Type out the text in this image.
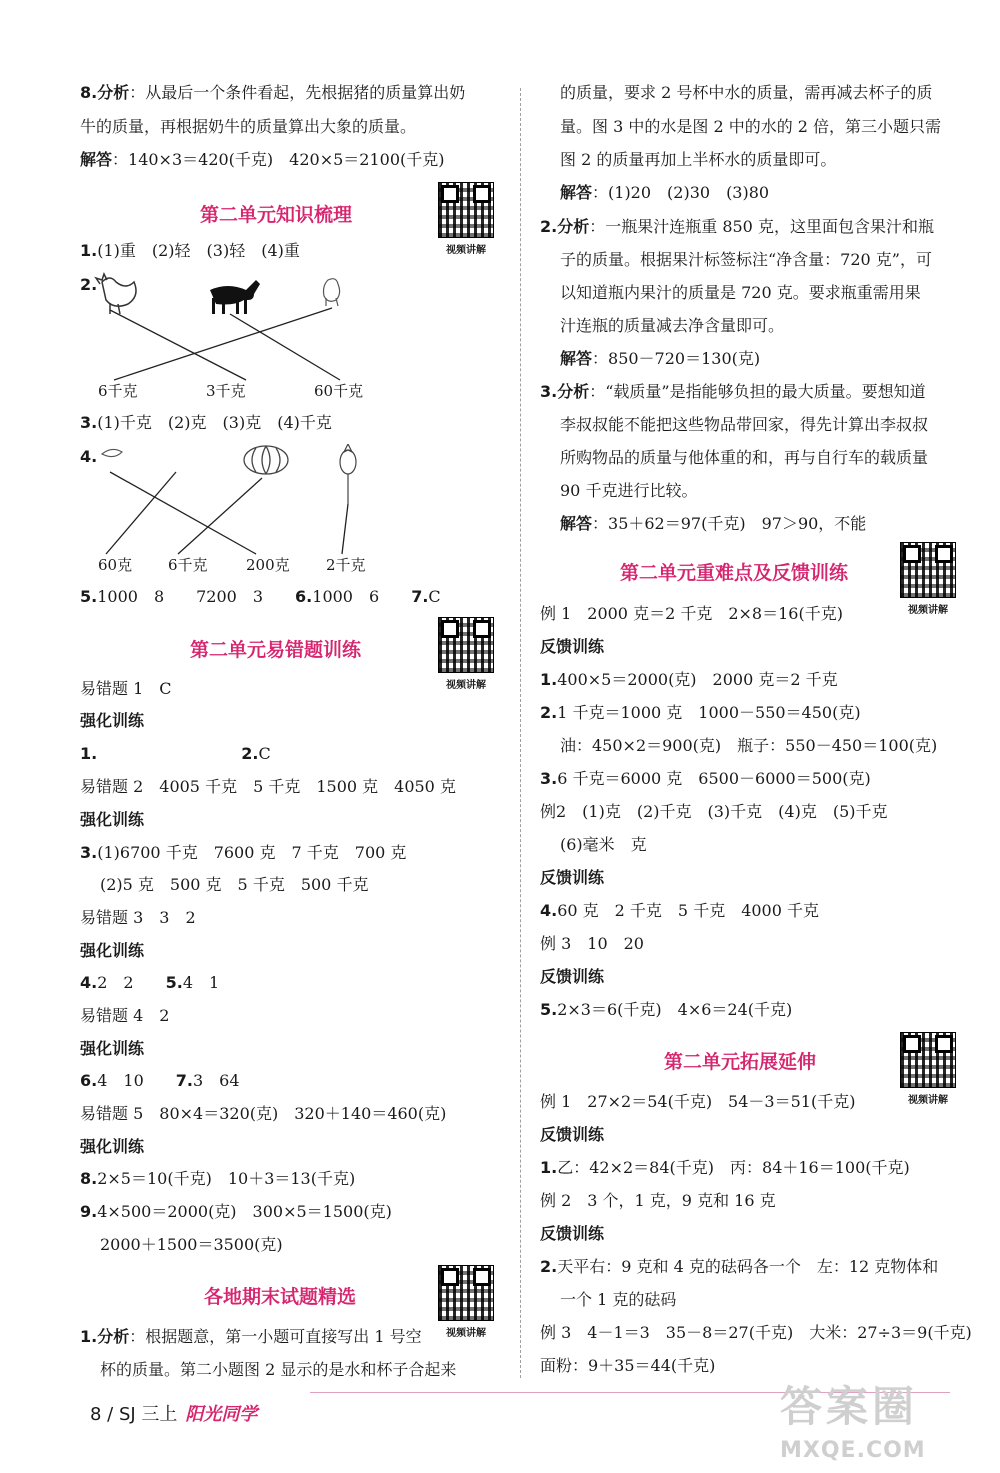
8.分析：从最后一个条件看起，先根据猪的质量算出奶
牛的质量，再根据奶牛的质量算出大象的质量。
解答：140×3＝420(千克)　420×5＝2100(千克)
第二单元知识梳理
视频讲解
1.(1)重　(2)轻　(3)轻　(4)重
2.
6千克	3千克	60千克
3.(1)千克　(2)克　(3)克　(4)千克
4.
60克 6千克	200克 2千克
5.1000　8　　7200　3　　 6.1000　6　　 7.C
第二单元易错题训练
视频讲解
易错题 1　C
强化训练
1.　　　　　　　　　	2.C
易错题 2　4005 千克　5 千克　1500 克　4050 克
强化训练
3.(1)6700 千克　7600 克　7 千克　700 克
(2)5 克　500 克　5 千克　500 千克
易错题 3　3　2
强化训练
4.2　2　　 5.4　1
易错题 4　2
强化训练
6.4　10　　 7.3　64
易错题 5　80×4＝320(克)　320＋140＝460(克)
强化训练
8.2×5＝10(千克)　10＋3＝13(千克)
9.4×500＝2000(克)　300×5＝1500(克)
2000＋1500＝3500(克)
各地期末试题精选
视频讲解
1.分析：根据题意，第一小题可直接写出 1 号空
杯的质量。第二小题图 2 显示的是水和杯子合起来
的质量，要求 2 号杯中水的质量，需再减去杯子的质
量。图 3 中的水是图 2 中的水的 2 倍，第三小题只需
图 2 的质量再加上半杯水的质量即可。
解答：(1)20　(2)30　(3)80
2.分析：一瓶果汁连瓶重 850 克，这里面包含果汁和瓶
子的质量。根据果汁标签标注“净含量：720 克”，可
以知道瓶内果汁的质量是 720 克。要求瓶重需用果
汁连瓶的质量减去净含量即可。
解答：850－720＝130(克)
3.分析：“载质量”是指能够负担的最大质量。要想知道
李叔叔能不能把这些物品带回家，得先计算出李叔叔
所购物品的质量与他体重的和，再与自行车的载质量
90 千克进行比较。
解答：35＋62＝97(千克)　97＞90，不能
第二单元重难点及反馈训练
视频讲解
例 1　2000 克＝2 千克　2×8＝16(千克)
反馈训练
1.400×5＝2000(克)　2000 克＝2 千克
2.1 千克＝1000 克　1000－550＝450(克)
油：450×2＝900(克)　瓶子：550－450＝100(克)
3.6 千克＝6000 克　6500－6000＝500(克)
例2　(1)克　(2)千克　(3)千克　(4)克　(5)千克
(6)毫米　克
反馈训练
4.60 克　2 千克　5 千克　4000 千克
例 3　10　20
反馈训练
5.2×3＝6(千克)　4×6＝24(千克)
第二单元拓展延伸
视频讲解
例 1　27×2＝54(千克)　54－3＝51(千克)
反馈训练
1.乙：42×2＝84(千克)　丙：84＋16＝100(千克)
例 2　3 个，1 克，9 克和 16 克
反馈训练
2.天平右：9 克和 4 克的砝码各一个　左：12 克物体和
一个 1 克的砝码
例 3　4－1＝3　35－8＝27(千克)　大米：27÷3＝9(千克)
面粉：9＋35＝44(千克)
8 / SJ 三上 阳光同学	答案圈
MXQE.COM
